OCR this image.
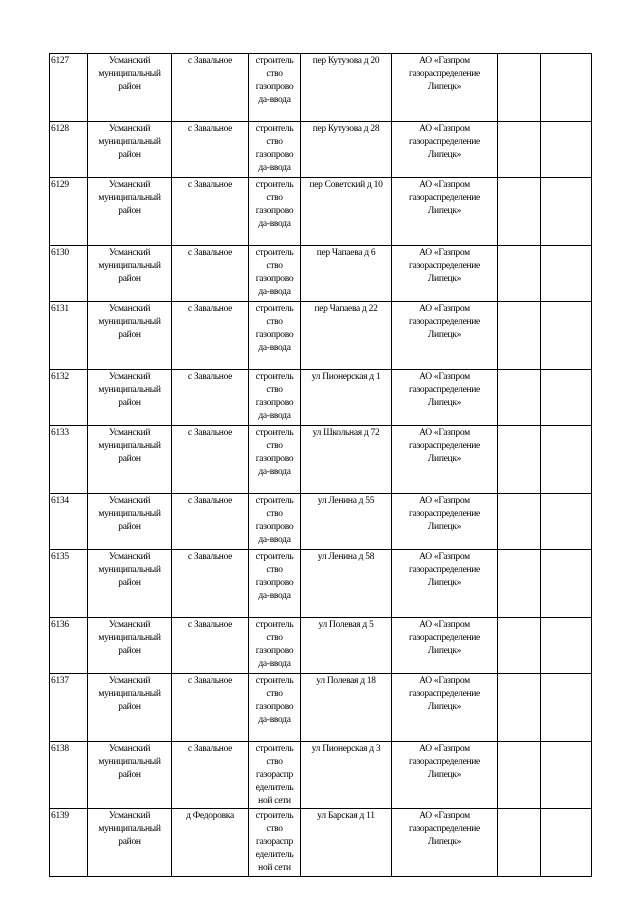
6127	Усманский муниципальный район	с Завальное	строитель ство газопрово да-ввода	пер Кутузова д 20	АО «Газпром газораспределение Липецк»		
6128	Усманский муниципальный район	с Завальное	строитель ство газопрово да-ввода	пер Кутузова д 28	АО «Газпром газораспределение Липецк»		
6129	Усманский муниципальный район	с Завальное	строитель ство газопрово да-ввода	пер Советский д 10	АО «Газпром газораспределение Липецк»		
6130	Усманский муниципальный район	с Завальное	строитель ство газопрово да-ввода	пер Чапаева д 6	АО «Газпром газораспределение Липецк»		
6131	Усманский муниципальный район	с Завальное	строитель ство газопрово да-ввода	пер Чапаева д 22	АО «Газпром газораспределение Липецк»		
6132	Усманский муниципальный район	с Завальное	строитель ство газопрово да-ввода	ул Пионерская д 1	АО «Газпром газораспределение Липецк»		
6133	Усманский муниципальный район	с Завальное	строитель ство газопрово да-ввода	ул Школьная д 72	АО «Газпром газораспределение Липецк»		
6134	Усманский муниципальный район	с Завальное	строитель ство газопрово да-ввода	ул Ленина д 55	АО «Газпром газораспределение Липецк»		
6135	Усманский муниципальный район	с Завальное	строитель ство газопрово да-ввода	ул Ленина д 58	АО «Газпром газораспределение Липецк»		
6136	Усманский муниципальный район	с Завальное	строитель ство газопрово да-ввода	ул Полевая д 5	АО «Газпром газораспределение Липецк»		
6137	Усманский муниципальный район	с Завальное	строитель ство газопрово да-ввода	ул Полевая д 18	АО «Газпром газораспределение Липецк»		
6138	Усманский муниципальный район	с Завальное	строитель ство газораспр еделитель ной сети	ул Пионерская д 3	АО «Газпром газораспределение Липецк»		
6139	Усманский муниципальный район	д Федоровка	строитель ство газораспр еделитель ной сети	ул Барская д 11	АО «Газпром газораспределение Липецк»		
